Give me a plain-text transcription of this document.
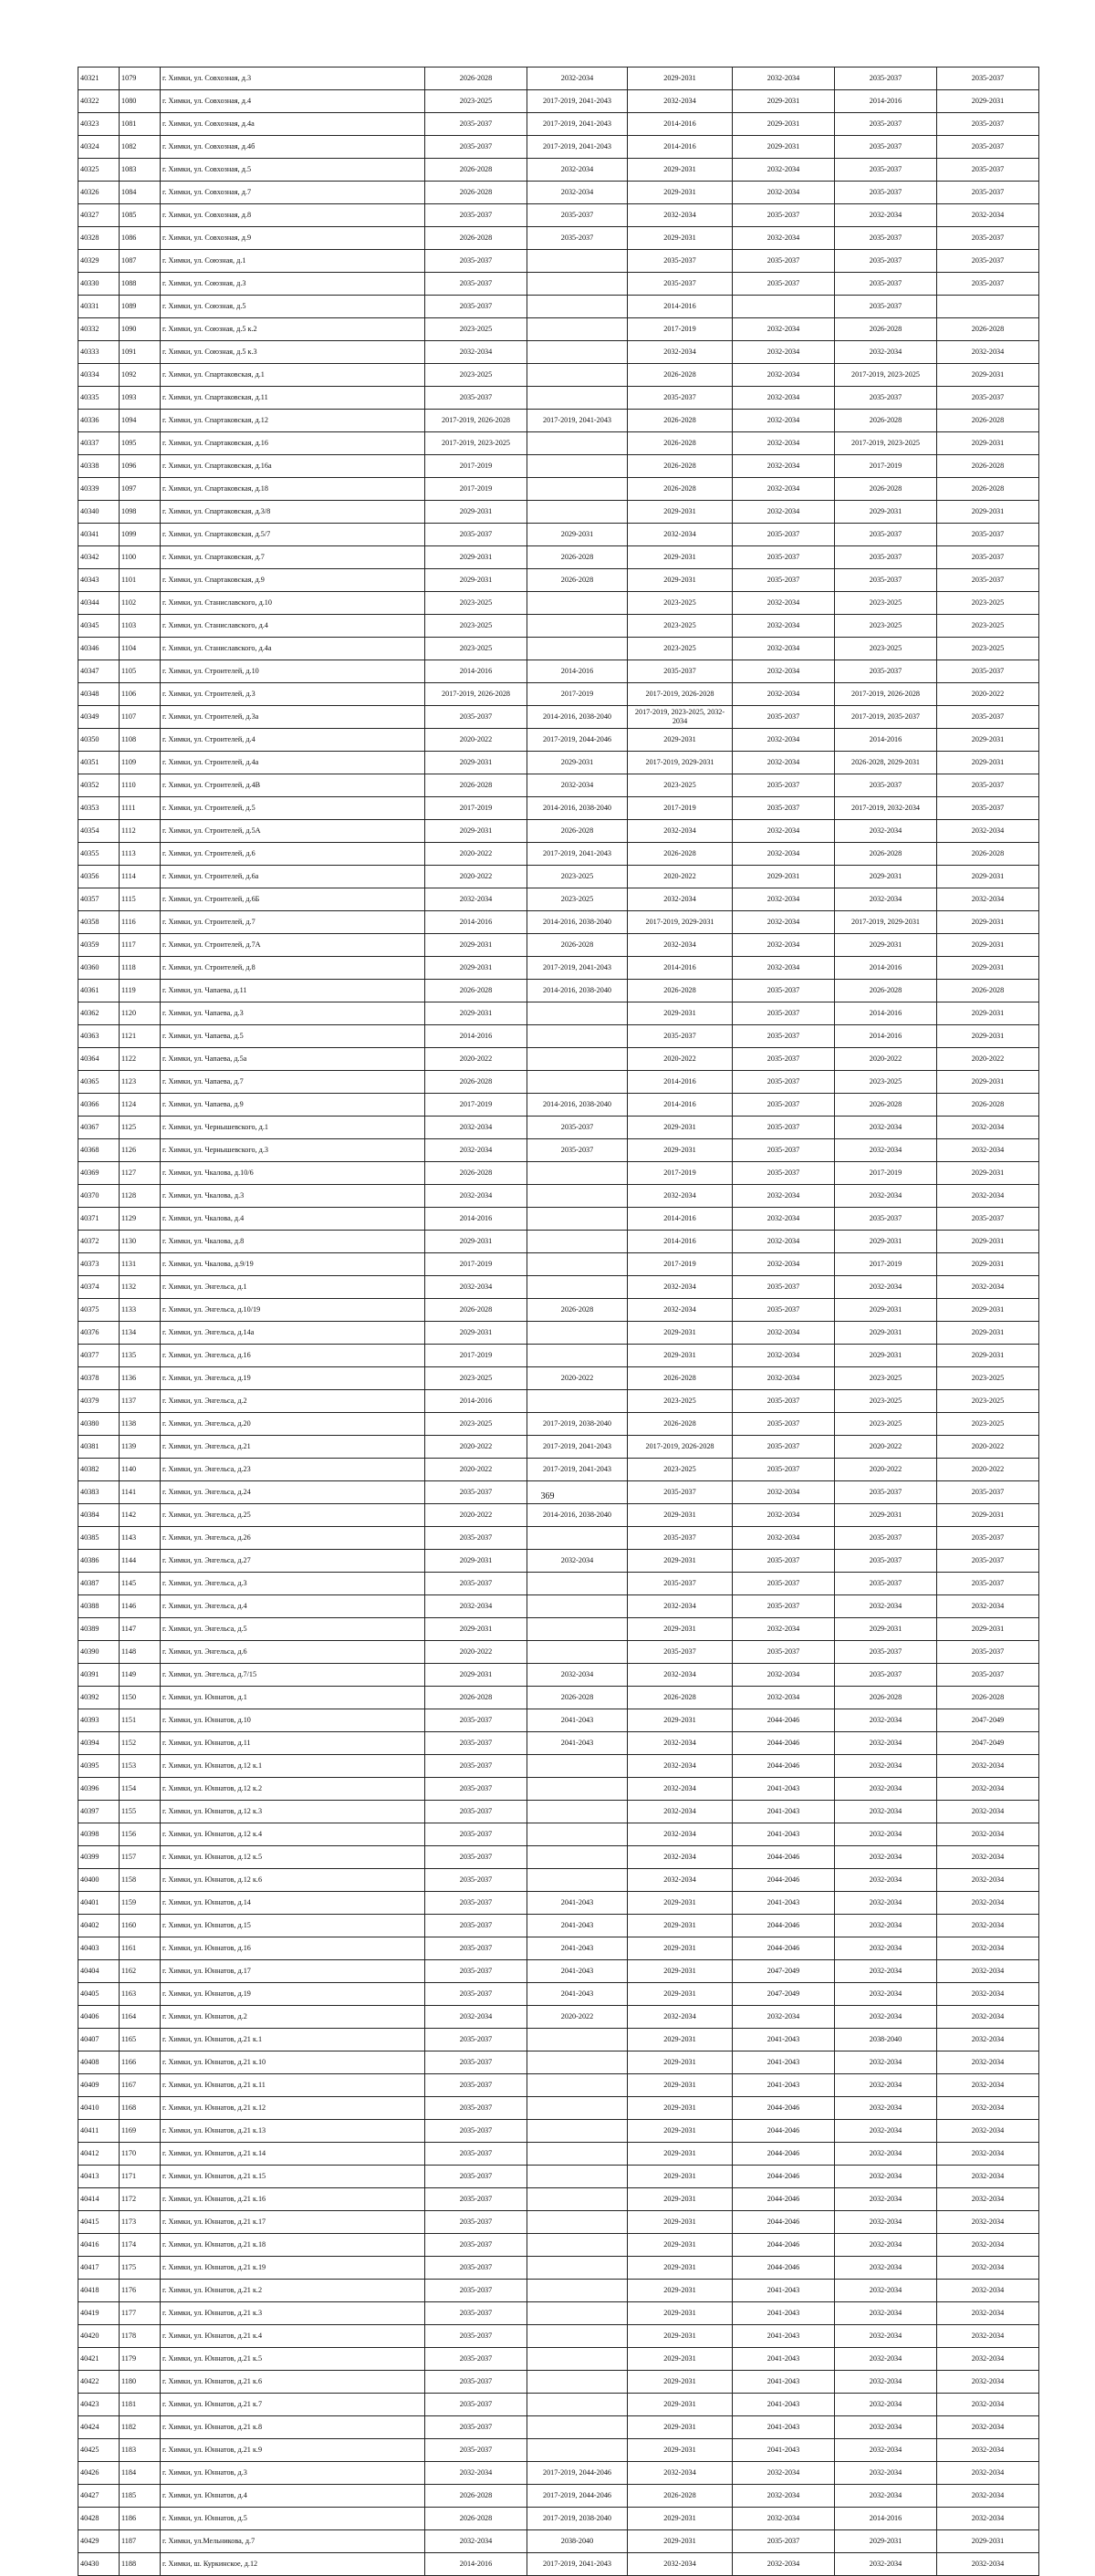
40321	1079	г. Химки, ул. Совхозная, д.3	2026-2028	2032-2034	2029-2031	2032-2034	2035-2037	2035-2037
40322	1080	г. Химки, ул. Совхозная, д.4	2023-2025	2017-2019, 2041-2043	2032-2034	2029-2031	2014-2016	2029-2031
40323	1081	г. Химки, ул. Совхозная, д.4а	2035-2037	2017-2019, 2041-2043	2014-2016	2029-2031	2035-2037	2035-2037
40324	1082	г. Химки, ул. Совхозная, д.4б	2035-2037	2017-2019, 2041-2043	2014-2016	2029-2031	2035-2037	2035-2037
40325	1083	г. Химки, ул. Совхозная, д.5	2026-2028	2032-2034	2029-2031	2032-2034	2035-2037	2035-2037
40326	1084	г. Химки, ул. Совхозная, д.7	2026-2028	2032-2034	2029-2031	2032-2034	2035-2037	2035-2037
40327	1085	г. Химки, ул. Совхозная, д.8	2035-2037	2035-2037	2032-2034	2035-2037	2032-2034	2032-2034
40328	1086	г. Химки, ул. Совхозная, д.9	2026-2028	2035-2037	2029-2031	2032-2034	2035-2037	2035-2037
40329	1087	г. Химки, ул. Союзная, д.1	2035-2037		2035-2037	2035-2037	2035-2037	2035-2037
40330	1088	г. Химки, ул. Союзная, д.3	2035-2037		2035-2037	2035-2037	2035-2037	2035-2037
40331	1089	г. Химки, ул. Союзная, д.5	2035-2037		2014-2016		2035-2037	
40332	1090	г. Химки, ул. Союзная, д.5 к.2	2023-2025		2017-2019	2032-2034	2026-2028	2026-2028
40333	1091	г. Химки, ул. Союзная, д.5 к.3	2032-2034		2032-2034	2032-2034	2032-2034	2032-2034
40334	1092	г. Химки, ул. Спартаковская, д.1	2023-2025		2026-2028	2032-2034	2017-2019, 2023-2025	2029-2031
40335	1093	г. Химки, ул. Спартаковская, д.11	2035-2037		2035-2037	2032-2034	2035-2037	2035-2037
40336	1094	г. Химки, ул. Спартаковская, д.12	2017-2019, 2026-2028	2017-2019, 2041-2043	2026-2028	2032-2034	2026-2028	2026-2028
40337	1095	г. Химки, ул. Спартаковская, д.16	2017-2019, 2023-2025		2026-2028	2032-2034	2017-2019, 2023-2025	2029-2031
40338	1096	г. Химки, ул. Спартаковская, д.16а	2017-2019		2026-2028	2032-2034	2017-2019	2026-2028
40339	1097	г. Химки, ул. Спартаковская, д.18	2017-2019		2026-2028	2032-2034	2026-2028	2026-2028
40340	1098	г. Химки, ул. Спартаковская, д.3/8	2029-2031		2029-2031	2032-2034	2029-2031	2029-2031
40341	1099	г. Химки, ул. Спартаковская, д.5/7	2035-2037	2029-2031	2032-2034	2035-2037	2035-2037	2035-2037
40342	1100	г. Химки, ул. Спартаковская, д.7	2029-2031	2026-2028	2029-2031	2035-2037	2035-2037	2035-2037
40343	1101	г. Химки, ул. Спартаковская, д.9	2029-2031	2026-2028	2029-2031	2035-2037	2035-2037	2035-2037
40344	1102	г. Химки, ул. Станиславского, д.10	2023-2025		2023-2025	2032-2034	2023-2025	2023-2025
40345	1103	г. Химки, ул. Станиславского, д.4	2023-2025		2023-2025	2032-2034	2023-2025	2023-2025
40346	1104	г. Химки, ул. Станиславского, д.4а	2023-2025		2023-2025	2032-2034	2023-2025	2023-2025
40347	1105	г. Химки, ул. Строителей, д.10	2014-2016	2014-2016	2035-2037	2032-2034	2035-2037	2035-2037
40348	1106	г. Химки, ул. Строителей, д.3	2017-2019, 2026-2028	2017-2019	2017-2019, 2026-2028	2032-2034	2017-2019, 2026-2028	2020-2022
40349	1107	г. Химки, ул. Строителей, д.3а	2035-2037	2014-2016, 2038-2040	2017-2019, 2023-2025, 2032-2034	2035-2037	2017-2019, 2035-2037	2035-2037
40350	1108	г. Химки, ул. Строителей, д.4	2020-2022	2017-2019, 2044-2046	2029-2031	2032-2034	2014-2016	2029-2031
40351	1109	г. Химки, ул. Строителей, д.4а	2029-2031	2029-2031	2017-2019, 2029-2031	2032-2034	2026-2028, 2029-2031	2029-2031
40352	1110	г. Химки, ул. Строителей, д.4В	2026-2028	2032-2034	2023-2025	2035-2037	2035-2037	2035-2037
40353	1111	г. Химки, ул. Строителей, д.5	2017-2019	2014-2016, 2038-2040	2017-2019	2035-2037	2017-2019, 2032-2034	2035-2037
40354	1112	г. Химки, ул. Строителей, д.5А	2029-2031	2026-2028	2032-2034	2032-2034	2032-2034	2032-2034
40355	1113	г. Химки, ул. Строителей, д.6	2020-2022	2017-2019, 2041-2043	2026-2028	2032-2034	2026-2028	2026-2028
40356	1114	г. Химки, ул. Строителей, д.6а	2020-2022	2023-2025	2020-2022	2029-2031	2029-2031	2029-2031
40357	1115	г. Химки, ул. Строителей, д.6Б	2032-2034	2023-2025	2032-2034	2032-2034	2032-2034	2032-2034
40358	1116	г. Химки, ул. Строителей, д.7	2014-2016	2014-2016, 2038-2040	2017-2019, 2029-2031	2032-2034	2017-2019, 2029-2031	2029-2031
40359	1117	г. Химки, ул. Строителей, д.7А	2029-2031	2026-2028	2032-2034	2032-2034	2029-2031	2029-2031
40360	1118	г. Химки, ул. Строителей, д.8	2029-2031	2017-2019, 2041-2043	2014-2016	2032-2034	2014-2016	2029-2031
40361	1119	г. Химки, ул. Чапаева, д.11	2026-2028	2014-2016, 2038-2040	2026-2028	2035-2037	2026-2028	2026-2028
40362	1120	г. Химки, ул. Чапаева, д.3	2029-2031		2029-2031	2035-2037	2014-2016	2029-2031
40363	1121	г. Химки, ул. Чапаева, д.5	2014-2016		2035-2037	2035-2037	2014-2016	2029-2031
40364	1122	г. Химки, ул. Чапаева, д.5а	2020-2022		2020-2022	2035-2037	2020-2022	2020-2022
40365	1123	г. Химки, ул. Чапаева, д.7	2026-2028		2014-2016	2035-2037	2023-2025	2029-2031
40366	1124	г. Химки, ул. Чапаева, д.9	2017-2019	2014-2016, 2038-2040	2014-2016	2035-2037	2026-2028	2026-2028
40367	1125	г. Химки, ул. Чернышевского, д.1	2032-2034	2035-2037	2029-2031	2035-2037	2032-2034	2032-2034
40368	1126	г. Химки, ул. Чернышевского, д.3	2032-2034	2035-2037	2029-2031	2035-2037	2032-2034	2032-2034
40369	1127	г. Химки, ул. Чкалова, д.10/6	2026-2028		2017-2019	2035-2037	2017-2019	2029-2031
40370	1128	г. Химки, ул. Чкалова, д.3	2032-2034		2032-2034	2032-2034	2032-2034	2032-2034
40371	1129	г. Химки, ул. Чкалова, д.4	2014-2016		2014-2016	2032-2034	2035-2037	2035-2037
40372	1130	г. Химки, ул. Чкалова, д.8	2029-2031		2014-2016	2032-2034	2029-2031	2029-2031
40373	1131	г. Химки, ул. Чкалова, д.9/19	2017-2019		2017-2019	2032-2034	2017-2019	2029-2031
40374	1132	г. Химки, ул. Энгельса, д.1	2032-2034		2032-2034	2035-2037	2032-2034	2032-2034
40375	1133	г. Химки, ул. Энгельса, д.10/19	2026-2028	2026-2028	2032-2034	2035-2037	2029-2031	2029-2031
40376	1134	г. Химки, ул. Энгельса, д.14а	2029-2031		2029-2031	2032-2034	2029-2031	2029-2031
40377	1135	г. Химки, ул. Энгельса, д.16	2017-2019		2029-2031	2032-2034	2029-2031	2029-2031
40378	1136	г. Химки, ул. Энгельса, д.19	2023-2025	2020-2022	2026-2028	2032-2034	2023-2025	2023-2025
40379	1137	г. Химки, ул. Энгельса, д.2	2014-2016		2023-2025	2035-2037	2023-2025	2023-2025
40380	1138	г. Химки, ул. Энгельса, д.20	2023-2025	2017-2019, 2038-2040	2026-2028	2035-2037	2023-2025	2023-2025
40381	1139	г. Химки, ул. Энгельса, д.21	2020-2022	2017-2019, 2041-2043	2017-2019, 2026-2028	2035-2037	2020-2022	2020-2022
40382	1140	г. Химки, ул. Энгельса, д.23	2020-2022	2017-2019, 2041-2043	2023-2025	2035-2037	2020-2022	2020-2022
40383	1141	г. Химки, ул. Энгельса, д.24	2035-2037		2035-2037	2032-2034	2035-2037	2035-2037
40384	1142	г. Химки, ул. Энгельса, д.25	2020-2022	2014-2016, 2038-2040	2029-2031	2032-2034	2029-2031	2029-2031
40385	1143	г. Химки, ул. Энгельса, д.26	2035-2037		2035-2037	2032-2034	2035-2037	2035-2037
40386	1144	г. Химки, ул. Энгельса, д.27	2029-2031	2032-2034	2029-2031	2035-2037	2035-2037	2035-2037
40387	1145	г. Химки, ул. Энгельса, д.3	2035-2037		2035-2037	2035-2037	2035-2037	2035-2037
40388	1146	г. Химки, ул. Энгельса, д.4	2032-2034		2032-2034	2035-2037	2032-2034	2032-2034
40389	1147	г. Химки, ул. Энгельса, д.5	2029-2031		2029-2031	2032-2034	2029-2031	2029-2031
40390	1148	г. Химки, ул. Энгельса, д.6	2020-2022		2035-2037	2035-2037	2035-2037	2035-2037
40391	1149	г. Химки, ул. Энгельса, д.7/15	2029-2031	2032-2034	2032-2034	2032-2034	2035-2037	2035-2037
40392	1150	г. Химки, ул. Юннатов, д.1	2026-2028	2026-2028	2026-2028	2032-2034	2026-2028	2026-2028
40393	1151	г. Химки, ул. Юннатов, д.10	2035-2037	2041-2043	2029-2031	2044-2046	2032-2034	2047-2049
40394	1152	г. Химки, ул. Юннатов, д.11	2035-2037	2041-2043	2032-2034	2044-2046	2032-2034	2047-2049
40395	1153	г. Химки, ул. Юннатов, д.12 к.1	2035-2037		2032-2034	2044-2046	2032-2034	2032-2034
40396	1154	г. Химки, ул. Юннатов, д.12 к.2	2035-2037		2032-2034	2041-2043	2032-2034	2032-2034
40397	1155	г. Химки, ул. Юннатов, д.12 к.3	2035-2037		2032-2034	2041-2043	2032-2034	2032-2034
40398	1156	г. Химки, ул. Юннатов, д.12 к.4	2035-2037		2032-2034	2041-2043	2032-2034	2032-2034
40399	1157	г. Химки, ул. Юннатов, д.12 к.5	2035-2037		2032-2034	2044-2046	2032-2034	2032-2034
40400	1158	г. Химки, ул. Юннатов, д.12 к.6	2035-2037		2032-2034	2044-2046	2032-2034	2032-2034
40401	1159	г. Химки, ул. Юннатов, д.14	2035-2037	2041-2043	2029-2031	2041-2043	2032-2034	2032-2034
40402	1160	г. Химки, ул. Юннатов, д.15	2035-2037	2041-2043	2029-2031	2044-2046	2032-2034	2032-2034
40403	1161	г. Химки, ул. Юннатов, д.16	2035-2037	2041-2043	2029-2031	2044-2046	2032-2034	2032-2034
40404	1162	г. Химки, ул. Юннатов, д.17	2035-2037	2041-2043	2029-2031	2047-2049	2032-2034	2032-2034
40405	1163	г. Химки, ул. Юннатов, д.19	2035-2037	2041-2043	2029-2031	2047-2049	2032-2034	2032-2034
40406	1164	г. Химки, ул. Юннатов, д.2	2032-2034	2020-2022	2032-2034	2032-2034	2032-2034	2032-2034
40407	1165	г. Химки, ул. Юннатов, д.21 к.1	2035-2037		2029-2031	2041-2043	2038-2040	2032-2034
40408	1166	г. Химки, ул. Юннатов, д.21 к.10	2035-2037		2029-2031	2041-2043	2032-2034	2032-2034
40409	1167	г. Химки, ул. Юннатов, д.21 к.11	2035-2037		2029-2031	2041-2043	2032-2034	2032-2034
40410	1168	г. Химки, ул. Юннатов, д.21 к.12	2035-2037		2029-2031	2044-2046	2032-2034	2032-2034
40411	1169	г. Химки, ул. Юннатов, д.21 к.13	2035-2037		2029-2031	2044-2046	2032-2034	2032-2034
40412	1170	г. Химки, ул. Юннатов, д.21 к.14	2035-2037		2029-2031	2044-2046	2032-2034	2032-2034
40413	1171	г. Химки, ул. Юннатов, д.21 к.15	2035-2037		2029-2031	2044-2046	2032-2034	2032-2034
40414	1172	г. Химки, ул. Юннатов, д.21 к.16	2035-2037		2029-2031	2044-2046	2032-2034	2032-2034
40415	1173	г. Химки, ул. Юннатов, д.21 к.17	2035-2037		2029-2031	2044-2046	2032-2034	2032-2034
40416	1174	г. Химки, ул. Юннатов, д.21 к.18	2035-2037		2029-2031	2044-2046	2032-2034	2032-2034
40417	1175	г. Химки, ул. Юннатов, д.21 к.19	2035-2037		2029-2031	2044-2046	2032-2034	2032-2034
40418	1176	г. Химки, ул. Юннатов, д.21 к.2	2035-2037		2029-2031	2041-2043	2032-2034	2032-2034
40419	1177	г. Химки, ул. Юннатов, д.21 к.3	2035-2037		2029-2031	2041-2043	2032-2034	2032-2034
40420	1178	г. Химки, ул. Юннатов, д.21 к.4	2035-2037		2029-2031	2041-2043	2032-2034	2032-2034
40421	1179	г. Химки, ул. Юннатов, д.21 к.5	2035-2037		2029-2031	2041-2043	2032-2034	2032-2034
40422	1180	г. Химки, ул. Юннатов, д.21 к.6	2035-2037		2029-2031	2041-2043	2032-2034	2032-2034
40423	1181	г. Химки, ул. Юннатов, д.21 к.7	2035-2037		2029-2031	2041-2043	2032-2034	2032-2034
40424	1182	г. Химки, ул. Юннатов, д.21 к.8	2035-2037		2029-2031	2041-2043	2032-2034	2032-2034
40425	1183	г. Химки, ул. Юннатов, д.21 к.9	2035-2037		2029-2031	2041-2043	2032-2034	2032-2034
40426	1184	г. Химки, ул. Юннатов, д.3	2032-2034	2017-2019, 2044-2046	2032-2034	2032-2034	2032-2034	2032-2034
40427	1185	г. Химки, ул. Юннатов, д.4	2026-2028	2017-2019, 2044-2046	2026-2028	2032-2034	2032-2034	2032-2034
40428	1186	г. Химки, ул. Юннатов, д.5	2026-2028	2017-2019, 2038-2040	2029-2031	2032-2034	2014-2016	2032-2034
40429	1187	г. Химки, ул.Мельникова, д.7	2032-2034	2038-2040	2029-2031	2035-2037	2029-2031	2029-2031
40430	1188	г. Химки, ш. Куркинское, д.12	2014-2016	2017-2019, 2041-2043	2032-2034	2032-2034	2032-2034	2032-2034
369
